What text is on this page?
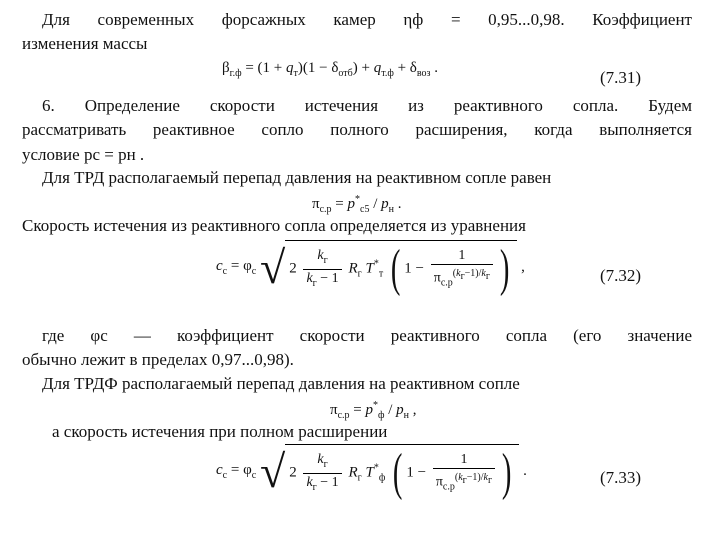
Для современных форсажных камер ηф = 0,95...0,98. Коэффициент
изменения массы
$\beta_{г.ф} = (1 + q_т)(1 - \delta_{отб}) + q_{т.ф} + \delta_{воз}$ .	(7.31)
6. Определение скорости истечения из реактивного сопла. Будем
рассматривать реактивное сопло полного расширения, когда выполняется
условие pс = pн .
Для ТРД располагаемый перепад давления на реактивном сопле равен
$\pi_{с.р} = p^*_{с5} / p_н$ .
Скорость истечения из реактивного сопла определяется из уравнения
$c_с = \varphi_с$ $√2 \frac{k_г}{k_г - 1} R_г$ $T^*_т$ ( $1 - \frac{1}{\pi_{с.р}^{(k_г-1)/k_г}}$ ) ,	(7.32)
где φс — коэффициент скорости реактивного сопла (его значение
обычно лежит в пределах 0,97...0,98).
Для ТРДФ располагаемый перепад давления на реактивном сопле
$\pi_{с.р} = p^*_ф / p_н$ ,
а скорость истечения при полном расширении
$c_с = \varphi_с$ $√2 \frac{k_г}{k_г - 1} R_г$ $T^*_ф$ ( $1 - \frac{1}{\pi_{с.р}^{(k_г-1)/k_г}}$ ) .	(7.33)
